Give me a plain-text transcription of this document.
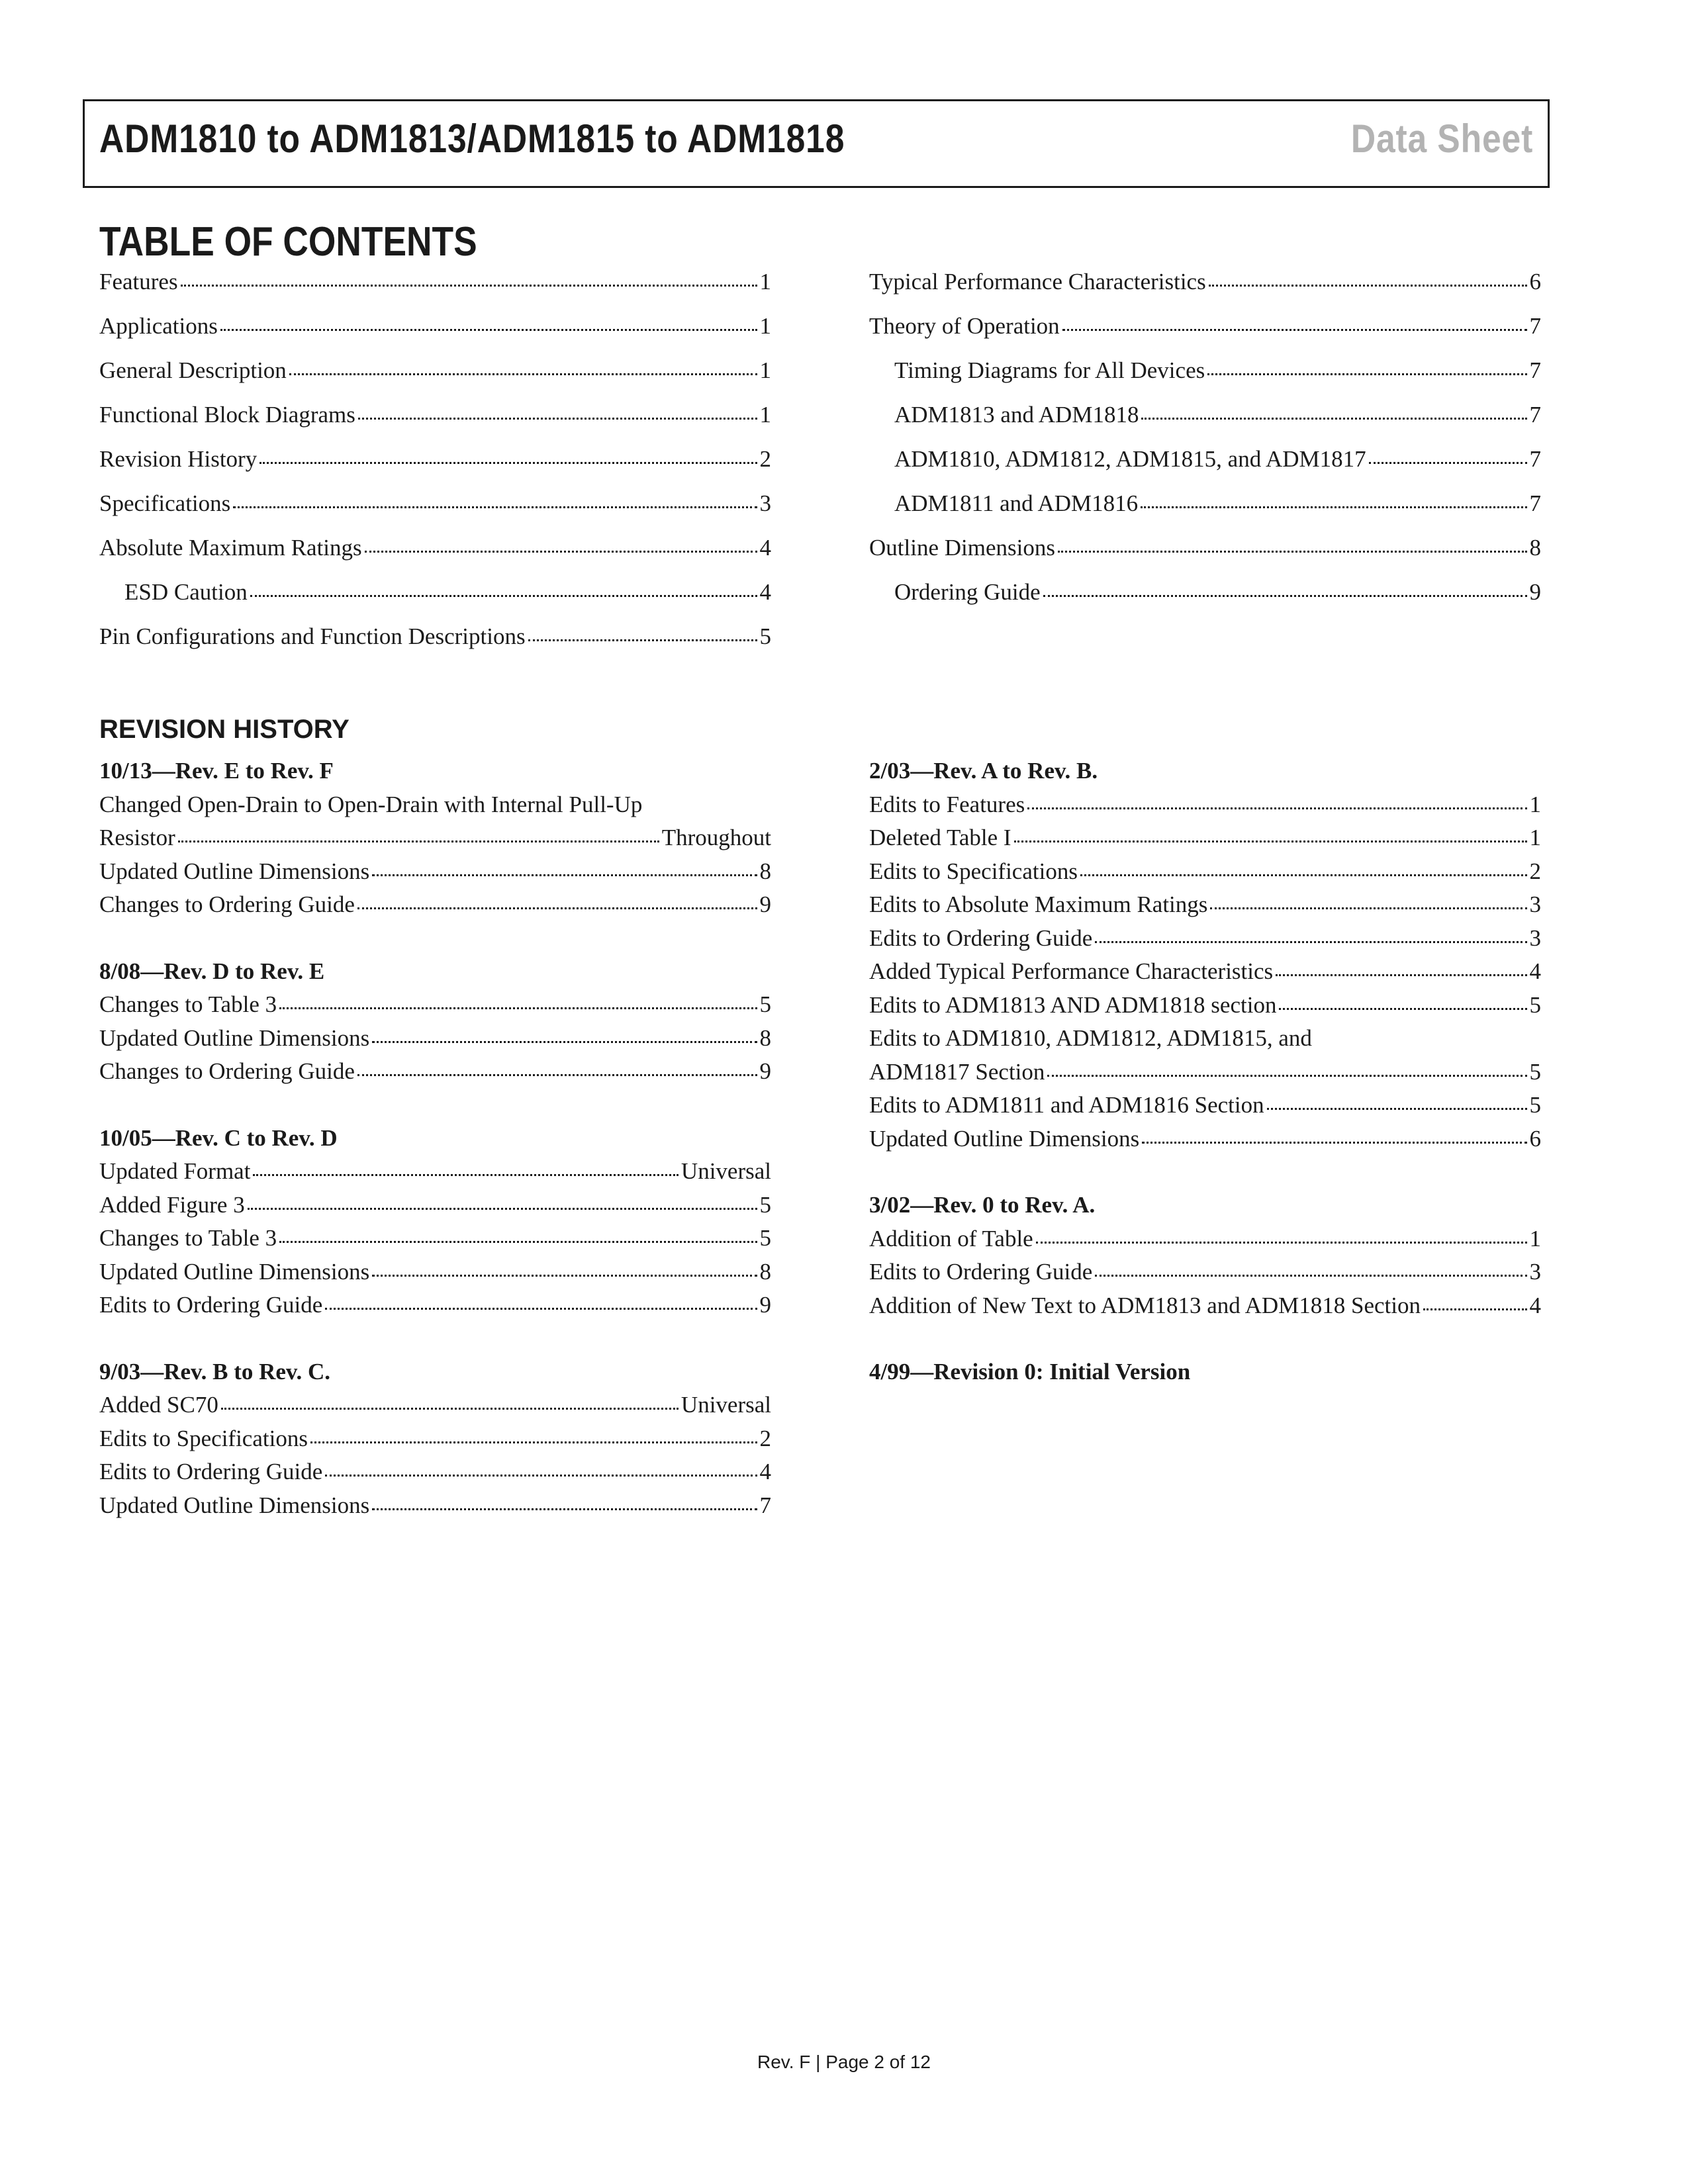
ADM1810 to ADM1813/ADM1815 to ADM1818	Data Sheet
TABLE OF CONTENTS
Features	1
Applications	1
General Description	1
Functional Block Diagrams	1
Revision History	2
Specifications	3
Absolute Maximum Ratings	4
ESD Caution	4
Pin Configurations and Function Descriptions	5
Typical Performance Characteristics	6
Theory of Operation	7
Timing Diagrams for All Devices	7
ADM1813 and ADM1818	7
ADM1810, ADM1812, ADM1815, and ADM1817	7
ADM1811 and ADM1816	7
Outline Dimensions	8
Ordering Guide	9
REVISION HISTORY
10/13—Rev. E to Rev. F
Changed Open-Drain to Open-Drain with Internal Pull-Up
Resistor	Throughout
Updated Outline Dimensions	8
Changes to Ordering Guide	9
8/08—Rev. D to Rev. E
Changes to Table 3	5
Updated Outline Dimensions	8
Changes to Ordering Guide	9
10/05—Rev. C to Rev. D
Updated Format	Universal
Added Figure 3	5
Changes to Table 3	5
Updated Outline Dimensions	8
Edits to Ordering Guide	9
9/03—Rev. B to Rev. C.
Added SC70	Universal
Edits to Specifications	2
Edits to Ordering Guide	4
Updated Outline Dimensions	7
2/03—Rev. A to Rev. B.
Edits to Features	1
Deleted Table I	1
Edits to Specifications	2
Edits to Absolute Maximum Ratings	3
Edits to Ordering Guide	3
Added Typical Performance Characteristics	4
Edits to ADM1813 AND ADM1818 section	5
Edits to ADM1810, ADM1812, ADM1815, and
ADM1817 Section	5
Edits to ADM1811 and ADM1816 Section	5
Updated Outline Dimensions	6
3/02—Rev. 0 to Rev. A.
Addition of Table	1
Edits to Ordering Guide	3
Addition of New Text to ADM1813 and ADM1818 Section	4
4/99—Revision 0: Initial Version
Rev. F | Page 2 of 12
